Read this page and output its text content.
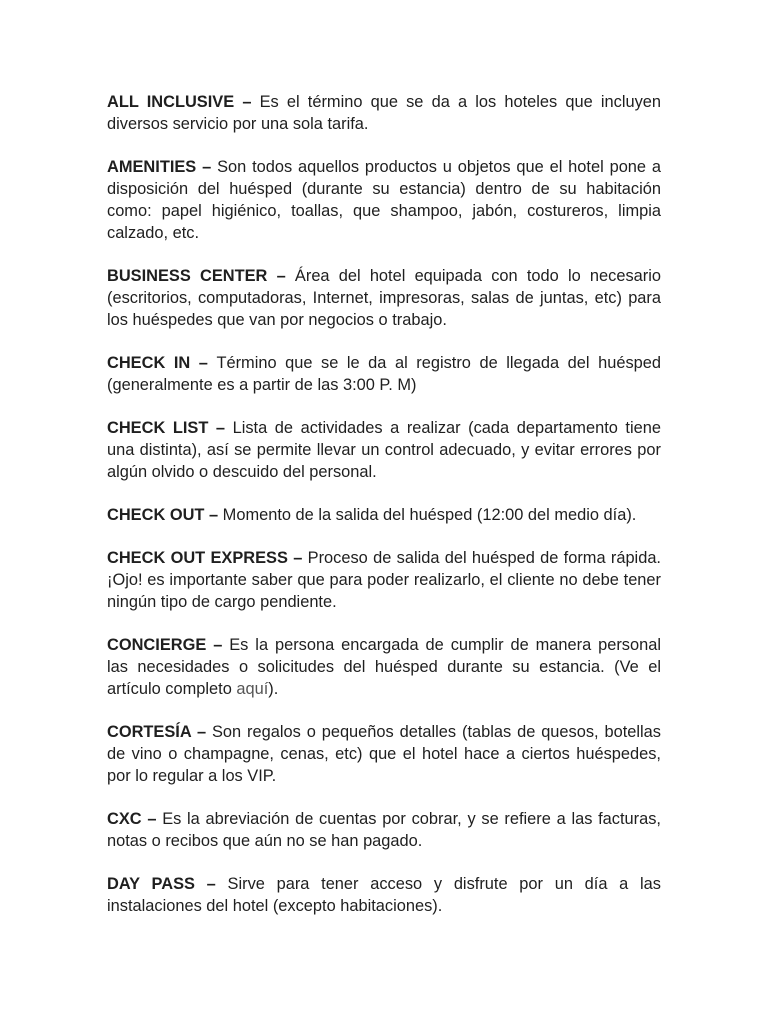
ALL INCLUSIVE – Es el término que se da a los hoteles que incluyen diversos servicio por una sola tarifa.

AMENITIES – Son todos aquellos productos u objetos que el hotel pone a disposición del huésped (durante su estancia) dentro de su habitación como: papel higiénico, toallas, que shampoo, jabón, costureros, limpia calzado, etc.

BUSINESS CENTER – Área del hotel equipada con todo lo necesario (escritorios, computadoras, Internet, impresoras, salas de juntas, etc) para los huéspedes que van por negocios o trabajo.

CHECK IN – Término que se le da al registro de llegada del huésped (generalmente es a partir de las 3:00 P. M)

CHECK LIST – Lista de actividades a realizar (cada departamento tiene una distinta), así se permite llevar un control adecuado, y evitar errores por algún olvido o descuido del personal.

CHECK OUT – Momento de la salida del huésped (12:00 del medio día).

CHECK OUT EXPRESS – Proceso de salida del huésped de forma rápida. ¡Ojo! es importante saber que para poder realizarlo, el cliente no debe tener ningún tipo de cargo pendiente.

CONCIERGE – Es la persona encargada de cumplir de manera personal las necesidades o solicitudes del huésped durante su estancia. (Ve el artículo completo aquí).

CORTESÍA – Son regalos o pequeños detalles (tablas de quesos, botellas de vino o champagne, cenas, etc) que el hotel hace a ciertos huéspedes, por lo regular a los VIP.

CXC – Es la abreviación de cuentas por cobrar, y se refiere a las facturas, notas o recibos que aún no se han pagado.

DAY PASS – Sirve para tener acceso y disfrute por un día a las instalaciones del hotel (excepto habitaciones).
